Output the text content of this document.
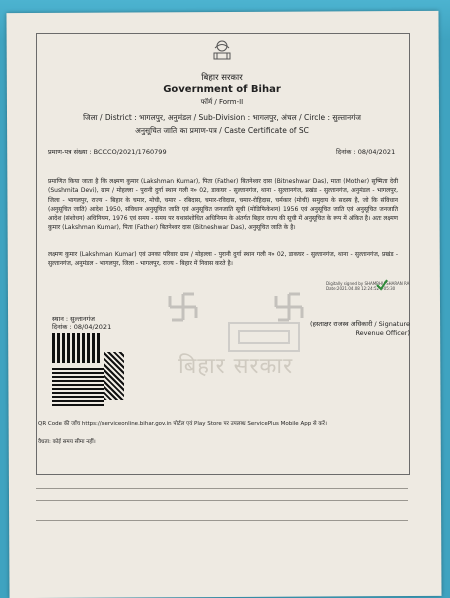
बिहार सरकार
Government of Bihar
फॉर्म / Form-II
जिला / District : भागलपुर, अनुमंडल / Sub-Division : भागलपुर, अंचल / Circle : सुल्तानगंज
अनुसूचित जाति का प्रमाण-पत्र / Caste Certificate of SC
प्रमाण-पत्र संख्या : BCCCO/2021/1760799	दिनांक : 08/04/2021
प्रमाणित किया जाता है कि लक्ष्मण कुमार (Lakshman Kumar), पिता (Father) बितनेश्वर दास (Bitneshwar Das), माता (Mother) सुष्मिता देवी (Sushmita Devi), ग्राम / मोहल्ला - पुरानी दुर्गा स्थान गली न० 02, डाकघर - सुल्तानगंज, थाना - सुल्तानगंज, प्रखंड - सुल्तानगंज, अनुमंडल - भागलपुर, जिला - भागलपुर, राज्य - बिहार के चमार, मोची, चमार - रबिदास, चमार-रविदास, चमार-रोहिदास, चर्मकार (मोची) समुदाय के सदस्य है, जो कि संविधान (अनुसूचित जाति) आदेश 1950, संविधान अनुसूचित जाति एवं अनुसूचित जनजाति सूची (मोडिफिकेशन) 1956 एवं अनुसूचित जाति एवं अनुसूचित जनजाति आदेश (संशोधन) अधिनियम, 1976 एवं समय - समय पर यथासंशोधित अधिनियम के अंतर्गत बिहार राज्य की सूची में अनुसूचित के रूप में अंकित है। अतः लक्ष्मण कुमार (Lakshman Kumar), पिता (Father) बितनेश्वर दास (Bitneshwar Das), अनुसूचित जाति के है।
लक्ष्मण कुमार (Lakshman Kumar) एवं उनका परिवार ग्राम / मोहल्ला - पुरानी दुर्गा स्थान गली न० 02, डाकघर - सुल्तानगंज, थाना - सुल्तानगंज, प्रखंड - सुल्तानगंज, अनुमंडल - भागलपुर, जिला - भागलपुर, राज्य - बिहार में निवास करते है।
बिहार सरकार
Digitally signed by SHAMBHU SHARAN RA
Date:2021.04.08 12:24:52 +05:30
(हस्ताक्षर राजस्व अधिकारी / Signature Revenue Officer)
स्थान : सुल्तानगंज
दिनांक : 08/04/2021
QR Code की जाँच https://serviceonline.bihar.gov.in पोर्टल एवं Play Store पर उपलब्ध ServicePlus Mobile App से करें।
वैधता: कोई समय सीमा नहीं।
